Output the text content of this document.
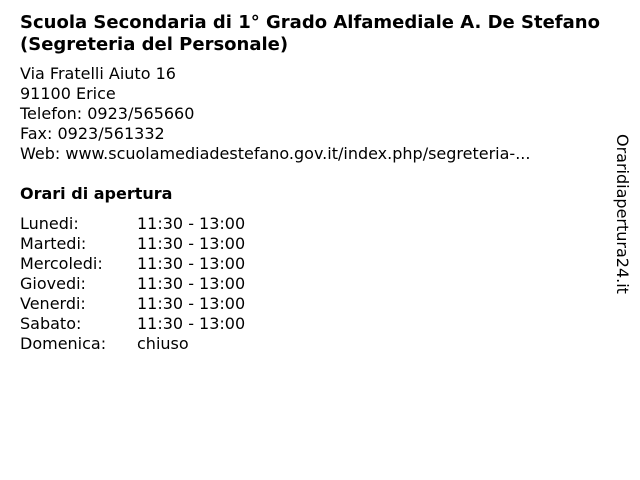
Scuola Secondaria di 1° Grado Alfamediale A. De Stefano (Segreteria del Personale)
Via Fratelli Aiuto 16
91100 Erice
Telefon: 0923/565660
Fax: 0923/561332
Web: www.scuolamediadestefano.gov.it/index.php/segreteria-...
Orari di apertura
Lunedi:	11:30 - 13:00
Martedi:	11:30 - 13:00
Mercoledi:	11:30 - 13:00
Giovedi:	11:30 - 13:00
Venerdi:	11:30 - 13:00
Sabato:	11:30 - 13:00
Domenica:	chiuso
Oraridiapertura24.it
